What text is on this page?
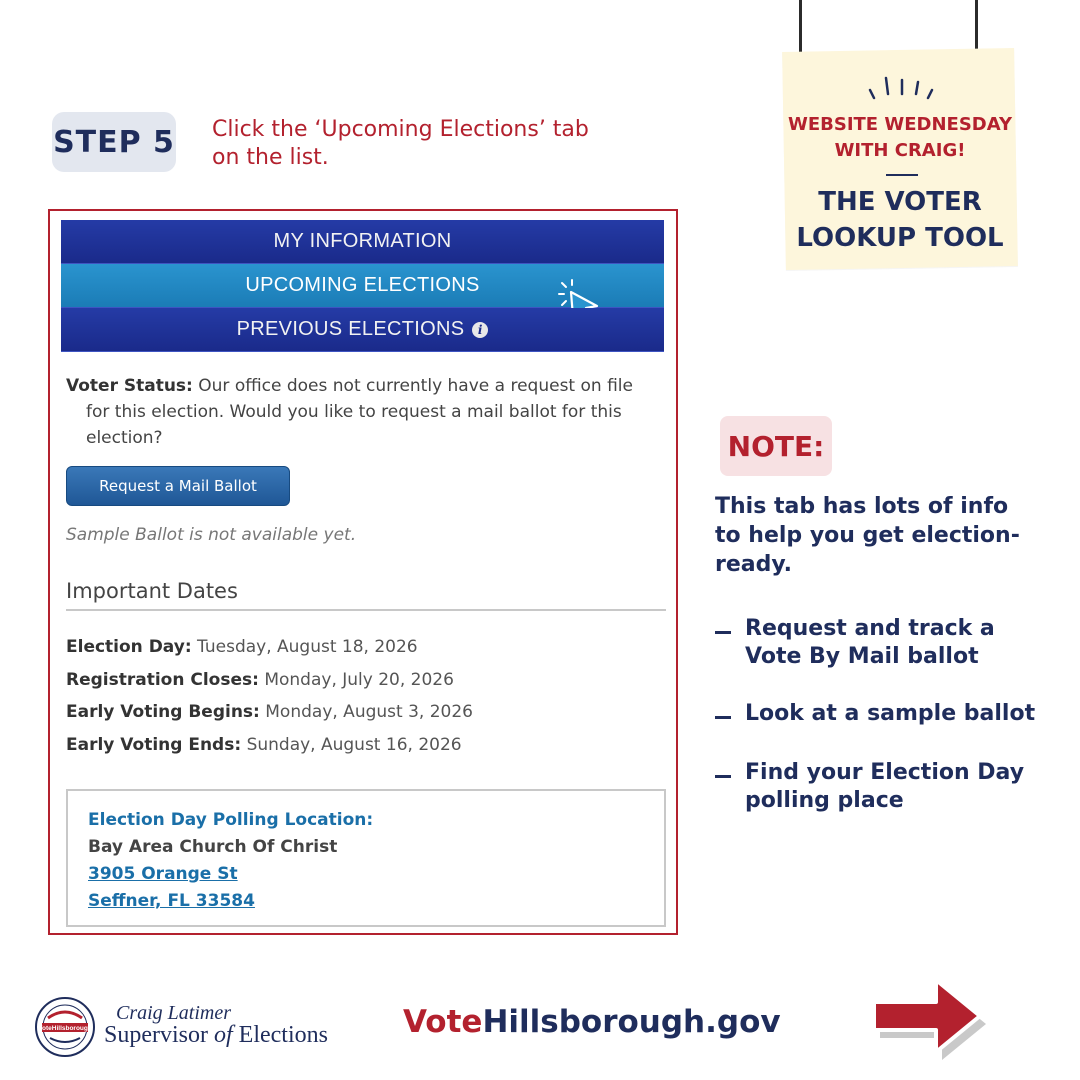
STEP 5 Click the ‘Upcoming Elections’ tab on the list.
WEBSITE WEDNESDAY
WITH CRAIG!
THE VOTER
LOOKUP TOOL
MY INFORMATION
UPCOMING ELECTIONS
PREVIOUS ELECTIONS	i
Voter Status: Our office does not currently have a request on file for this election. Would you like to request a mail ballot for this election?
Request a Mail Ballot
Sample Ballot is not available yet.
Important Dates
Election Day: Tuesday, August 18, 2026
Registration Closes: Monday, July 20, 2026
Early Voting Begins: Monday, August 3, 2026
Early Voting Ends: Sunday, August 16, 2026
Election Day Polling Location:
Bay Area Church Of Christ
3905 Orange St
Seffner, FL 33584
NOTE:
This tab has lots of info to help you get election-ready.
Request and track a Vote By Mail ballot
Look at a sample ballot
Find your Election Day polling place
VoteHillsborough
Craig Latimer
Supervisor of Elections VoteHillsborough.gov
